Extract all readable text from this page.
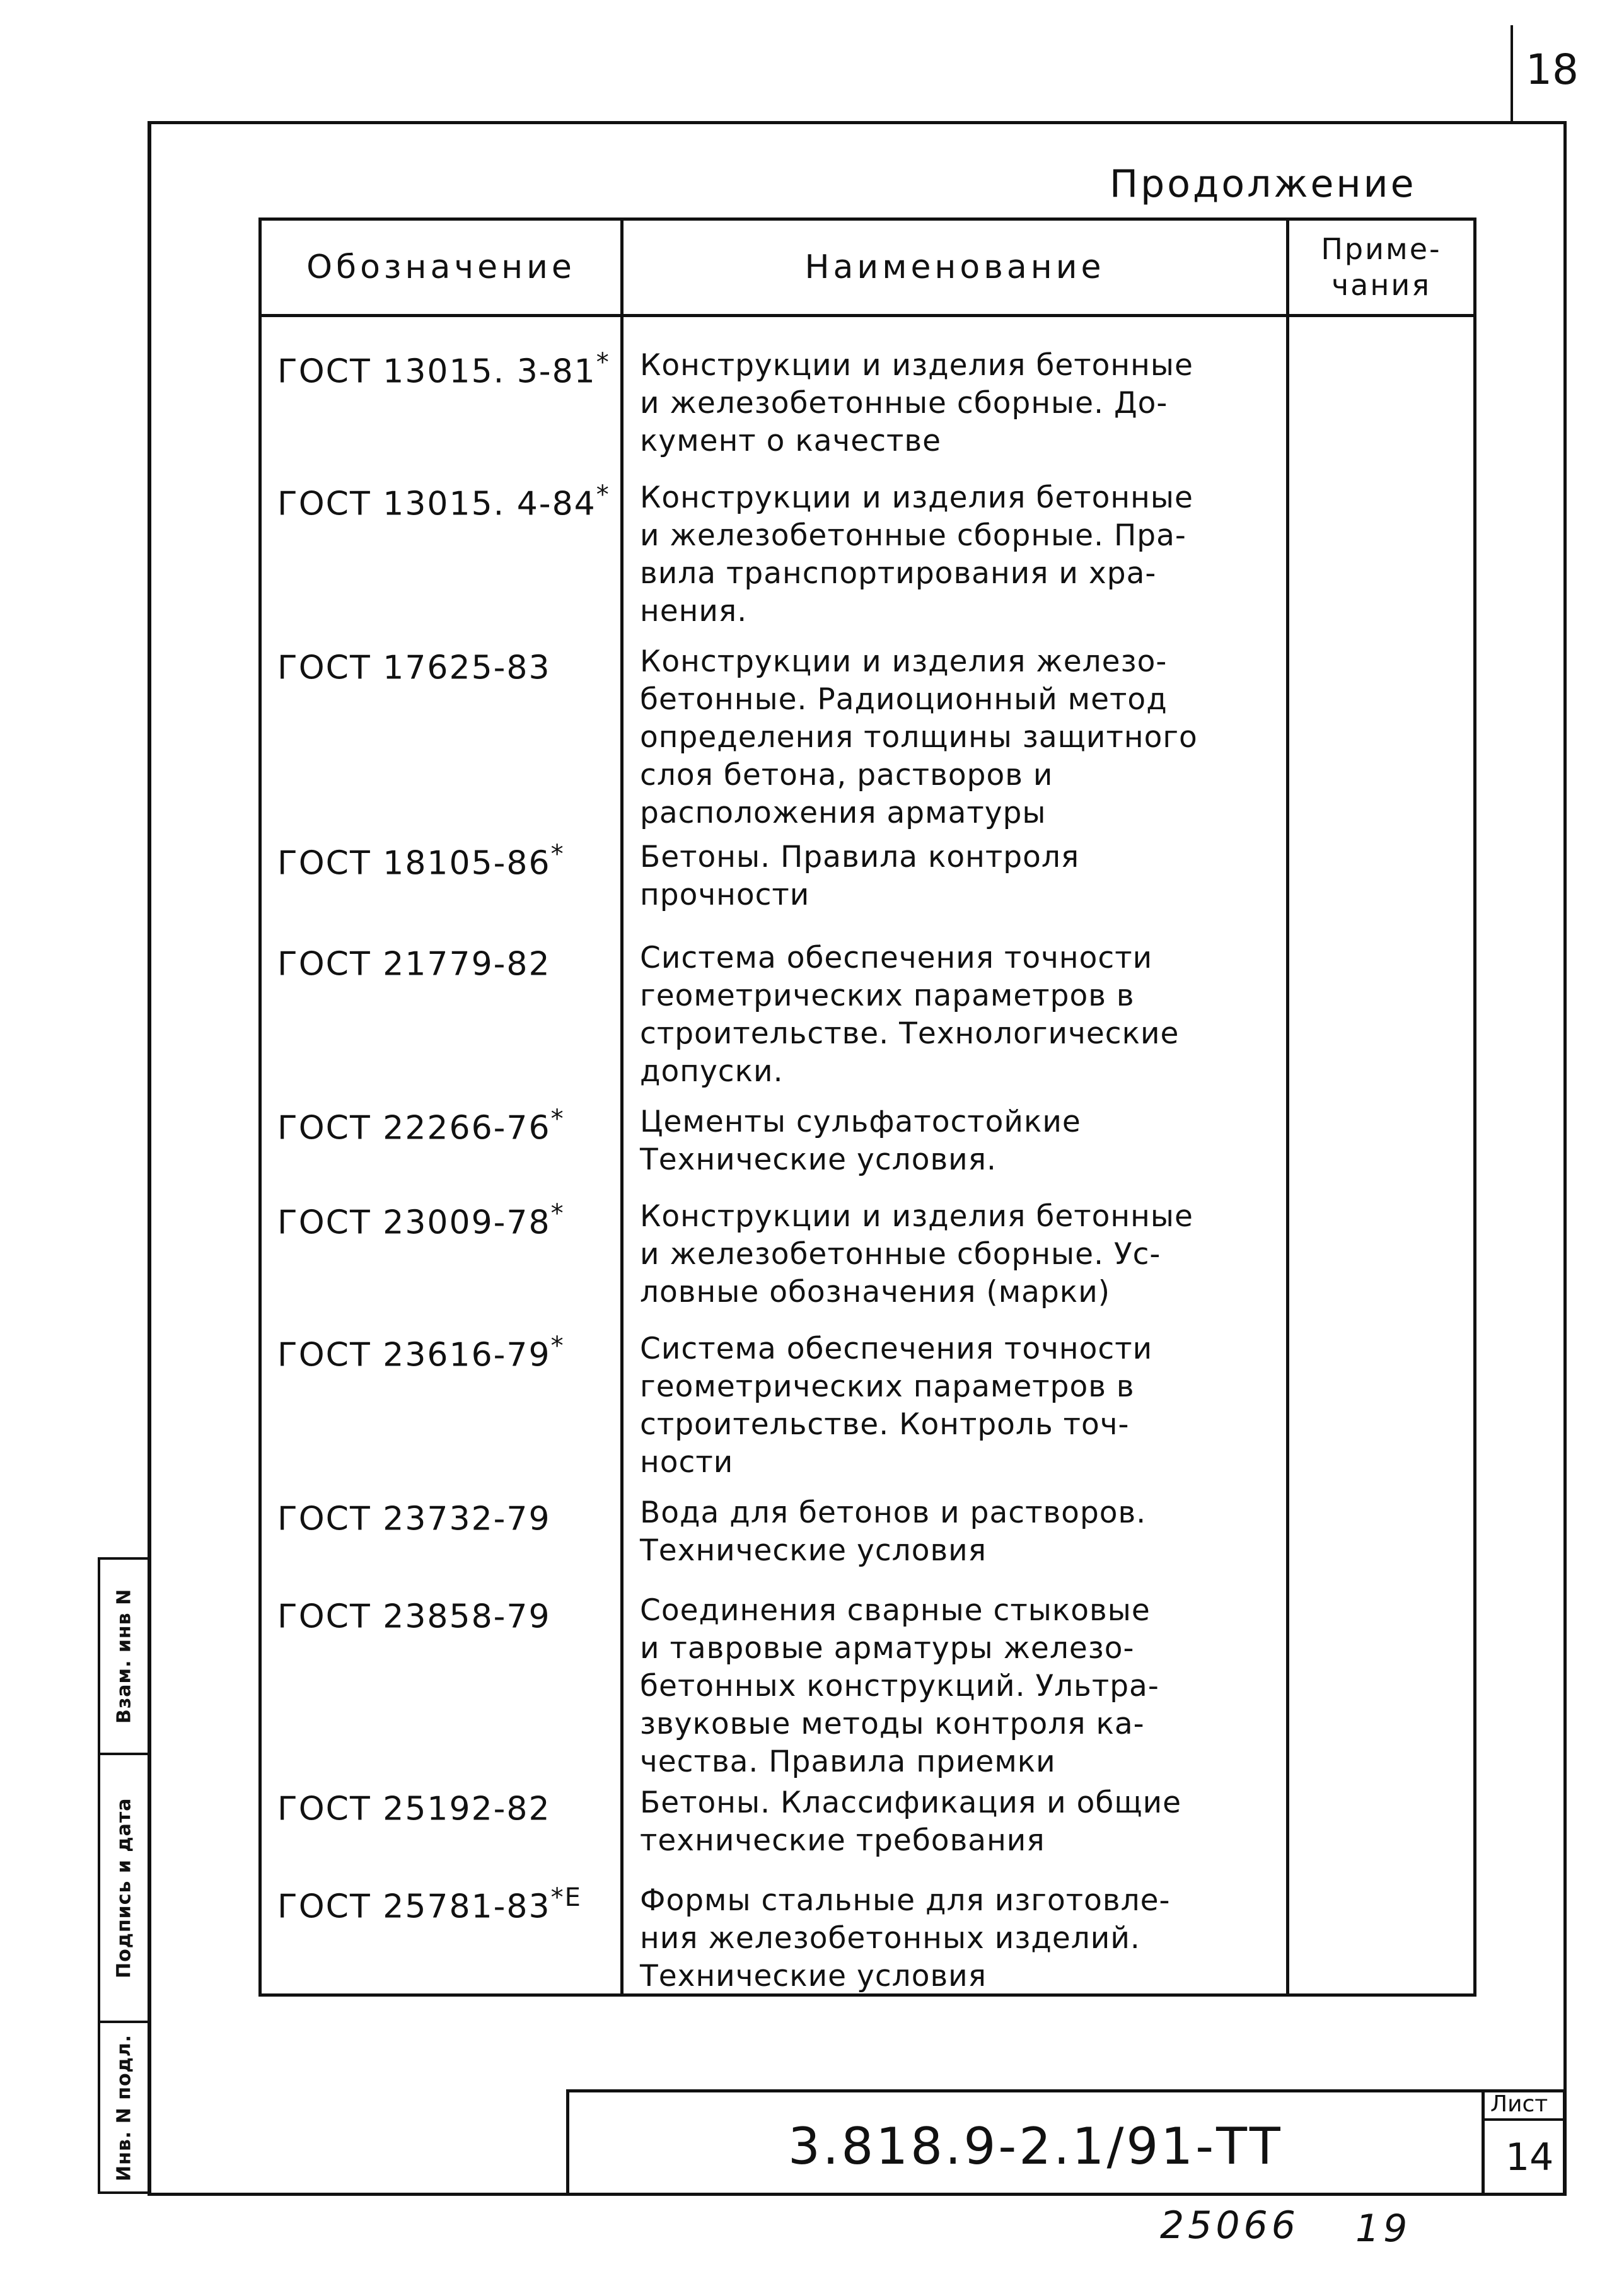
18
Продолжение
Обозначение	Наименование	Приме-
чания
ГОСТ 13015. 3-81* Конструкции и изделия бетонные
и железобетонные сборные. До-
кумент о качестве
ГОСТ 13015. 4-84* Конструкции и изделия бетонные
и железобетонные сборные. Пра-
вила транспортирования и хра-
нения.
ГОСТ 17625-83	Конструкции и изделия железо-
бетонные. Радиоционный метод
определения толщины защитного
слоя бетона, растворов и
расположения арматуры
ГОСТ 18105-86*	Бетоны. Правила контроля
прочности
ГОСТ 21779-82	Система обеспечения точности
геометрических параметров в
строительстве. Технологические
допуски.
ГОСТ 22266-76*	Цементы сульфатостойкие
Технические условия.
ГОСТ 23009-78*	Конструкции и изделия бетонные
и железобетонные сборные. Ус-
ловные обозначения (марки)
ГОСТ 23616-79*	Система обеспечения точности
геометрических параметров в
строительстве. Контроль точ-
ности
ГОСТ 23732-79	Вода для бетонов и растворов.
Технические условия
ГОСТ 23858-79	Соединения сварные стыковые
и тавровые арматуры железо-
бетонных конструкций. Ультра-
звуковые методы контроля ка-
чества. Правила приемки
ГОСТ 25192-82	Бетоны. Классификация и общие
технические требования
ГОСТ $25781-83^{*Е}$ Формы стальные для изготовле-
ния железобетонных изделий.
Технические условия
Взам. инв N
Подпись и дата
Инв. N подл.	3.818.9-2.1/91-ТТ
Лист
14
25066 19
